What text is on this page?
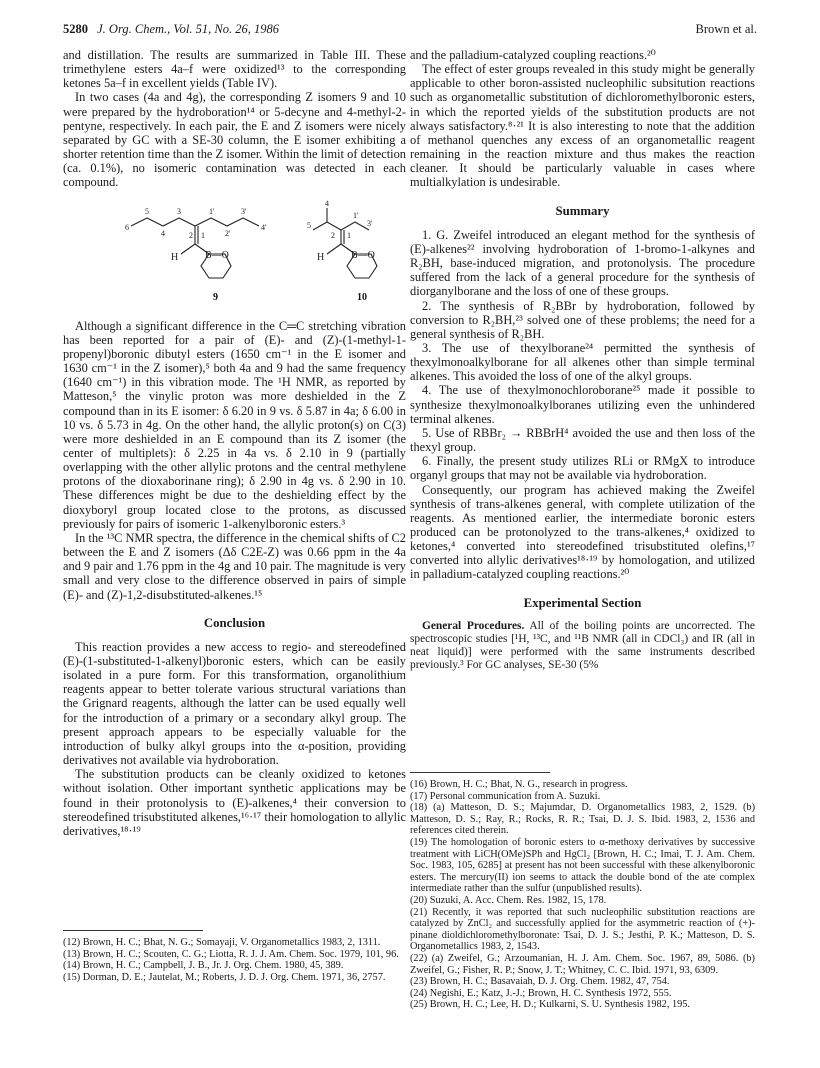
5280 J. Org. Chem., Vol. 51, No. 26, 1986	Brown et al.

and distillation. The results are summarized in Table III. These trimethylene esters 4a–f were oxidized¹³ to the corresponding ketones 5a–f in excellent yields (Table IV).

In two cases (4a and 4g), the corresponding Z isomers 9 and 10 were prepared by the hydroboration¹⁴ or 5-decyne and 4-methyl-2-pentyne, respectively. In each pair, the E and Z isomers were nicely separated by GC with a SE-30 column, the E isomer exhibiting a shorter retention time than the Z isomer. Within the limit of detection (ca. 0.1%), no isomeric contamination was detected in each compound.

6
5
4
3
2 1
1'
2'
3'
4'
4
5
2 1
1'
3'
H	B—O	H	B—O
9	10

Although a significant difference in the C═C stretching vibration has been reported for a pair of (E)- and (Z)-(1-methyl-1-propenyl)boronic dibutyl esters (1650 cm⁻¹ in the E isomer and 1630 cm⁻¹ in the Z isomer),⁵ both 4a and 9 had the same frequency (1640 cm⁻¹) in this vibration mode. The ¹H NMR, as reported by Matteson,⁵ the vinylic proton was more deshielded in the Z compound than in its E isomer: δ 6.20 in 9 vs. δ 5.87 in 4a; δ 6.00 in 10 vs. δ 5.73 in 4g. On the other hand, the allylic proton(s) on C(3) were more deshielded in an E compound than its Z isomer (the center of multiplets): δ 2.25 in 4a vs. δ 2.10 in 9 (partially overlapping with the other allylic protons and the central methylene protons of the dioxaborinane ring); δ 2.90 in 4g vs. δ 2.90 in 10. These differences might be due to the deshielding effect by the dioxyboryl group located close to the protons, as discussed previously for pairs of isomeric 1-alkenylboronic esters.³

In the ¹³C NMR spectra, the difference in the chemical shifts of C2 between the E and Z isomers (Δδ C2E-Z) was 0.66 ppm in the 4a and 9 pair and 1.76 ppm in the 4g and 10 pair. The magnitude is very small and very close to the difference observed in pairs of simple (E)- and (Z)-1,2-disubstituted-alkenes.¹⁵

Conclusion

This reaction provides a new access to regio- and stereodefined (E)-(1-substituted-1-alkenyl)boronic esters, which can be easily isolated in a pure form. For this transformation, organolithium reagents appear to better tolerate various structural variations than the Grignard reagents, although the latter can be used equally well for the introduction of a primary or a secondary alkyl group. The present approach appears to be especially valuable for the introduction of bulky alkyl groups into the α-position, providing derivatives not available via hydroboration.

The substitution products can be cleanly oxidized to ketones without isolation. Other important synthetic applications may be found in their protonolysis to (E)-alkenes,⁴ their conversion to stereodefined trisubstituted alkenes,¹⁶·¹⁷ their homologation to allylic derivatives,¹⁸·¹⁹

and the palladium-catalyzed coupling reactions.²⁰

The effect of ester groups revealed in this study might be generally applicable to other boron-assisted nucleophilic subsitution reactions such as organometallic substitution of dichloromethylboronic esters, in which the reported yields of the substitution products are not always satisfactory.⁸·²¹ It is also interesting to note that the addition of methanol quenches any excess of an organometallic reagent remaining in the reaction mixture and thus makes the reaction cleaner. It should be particularly valuable in cases where multialkylation is undesirable.

Summary

1. G. Zweifel introduced an elegant method for the synthesis of (E)-alkenes²² involving hydroboration of 1-bromo-1-alkynes and R₂BH, base-induced migration, and protonolysis. The procedure suffered from the lack of a general procedure for the synthesis of diorganylborane and the loss of one of these groups.

2. The synthesis of R₂BBr by hydroboration, followed by conversion to R₂BH,²³ solved one of these problems; the need for a general synthesis of R₂BH.

3. The use of thexylborane²⁴ permitted the synthesis of thexylmonoalkylborane for all alkenes other than simple terminal alkenes. This avoided the loss of one of the alkyl groups.

4. The use of thexylmonochloroborane²⁵ made it possible to synthesize thexylmonoalkylboranes utilizing even the unhindered terminal alkenes.

5. Use of RBBr₂ → RBBrH⁴ avoided the use and then loss of the thexyl group.

6. Finally, the present study utilizes RLi or RMgX to introduce organyl groups that may not be available via hydroboration.

Consequently, our program has achieved making the Zweifel synthesis of trans-alkenes general, with complete utilization of the reagents. As mentioned earlier, the intermediate boronic esters produced can be protonolyzed to the trans-alkenes,⁴ oxidized to ketones,⁴ converted into stereodefined trisubstituted olefins,¹⁷ converted into allylic derivatives¹⁸·¹⁹ by homologation, and utilized in palladium-catalyzed coupling reactions.²⁰

Experimental Section

General Procedures. All of the boiling points are uncorrected. The spectroscopic studies [¹H, ¹³C, and ¹¹B NMR (all in CDCl₃) and IR (all in neat liquid)] were performed with the same instruments described previously.³ For GC analyses, SE-30 (5%

(12) Brown, H. C.; Bhat, N. G.; Somayaji, V. Organometallics 1983, 2, 1311.

(13) Brown, H. C.; Scouten, C. G.; Liotta, R. J. J. Am. Chem. Soc. 1979, 101, 96.

(14) Brown, H. C.; Campbell, J. B., Jr. J. Org. Chem. 1980, 45, 389.

(15) Dorman, D. E.; Jautelat, M.; Roberts, J. D. J. Org. Chem. 1971, 36, 2757.

(16) Brown, H. C.; Bhat, N. G., research in progress.

(17) Personal communication from A. Suzuki.

(18) (a) Matteson, D. S.; Majumdar, D. Organometallics 1983, 2, 1529. (b) Matteson, D. S.; Ray, R.; Rocks, R. R.; Tsai, D. J. S. Ibid. 1983, 2, 1536 and references cited therein.

(19) The homologation of boronic esters to α-methoxy derivatives by successive treatment with LiCH(OMe)SPh and HgCl₂ [Brown, H. C.; Imai, T. J. Am. Chem. Soc. 1983, 105, 6285] at present has not been successful with these alkenylboronic esters. The mercury(II) ion seems to attack the double bond of the ate complex intermediate rather than the sulfur (unpublished results).

(20) Suzuki, A. Acc. Chem. Res. 1982, 15, 178.

(21) Recently, it was reported that such nucleophilic substitution reactions are catalyzed by ZnCl₂ and successfully applied for the asymmetric reaction of (+)-pinane dioldichloromethylboronate: Tsai, D. J. S.; Jesthi, P. K.; Matteson, D. S. Organometallics 1983, 2, 1543.

(22) (a) Zweifel, G.; Arzoumanian, H. J. Am. Chem. Soc. 1967, 89, 5086. (b) Zweifel, G.; Fisher, R. P.; Snow, J. T.; Whitney, C. C. Ibid. 1971, 93, 6309.

(23) Brown, H. C.; Basavaiah, D. J. Org. Chem. 1982, 47, 754.

(24) Negishi, E.; Katz, J.-J.; Brown, H. C. Synthesis 1972, 555.

(25) Brown, H. C.; Lee, H. D.; Kulkarni, S. U. Synthesis 1982, 195.
